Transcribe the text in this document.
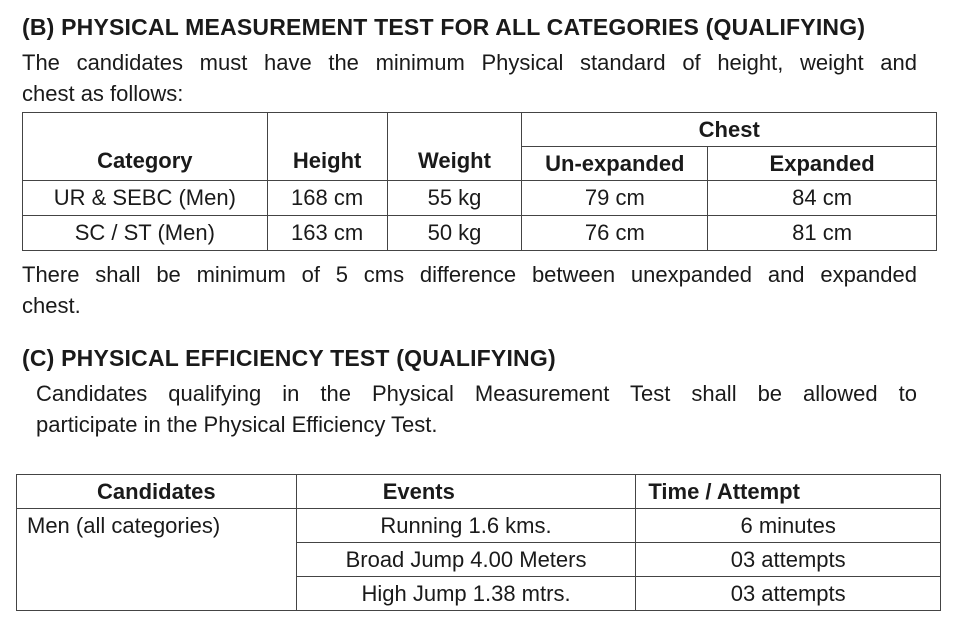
(B) PHYSICAL MEASUREMENT TEST FOR ALL CATEGORIES (QUALIFYING)
The candidates must have the minimum Physical standard of height, weight and
chest as follows:
Category	Height	Weight	Chest	
			Un-expanded	Expanded
UR & SEBC (Men)	168 cm	55 kg	79 cm	84 cm
SC / ST (Men)	163 cm	50 kg	76 cm	81 cm
There shall be minimum of 5 cms difference between unexpanded and expanded
chest.
(C) PHYSICAL EFFICIENCY TEST (QUALIFYING)
Candidates qualifying in the Physical Measurement Test shall be allowed to
participate in the Physical Efficiency Test.
Candidates	Events	Time / Attempt
Men (all categories)	Running 1.6 kms.	6 minutes
	Broad Jump 4.00 Meters	03 attempts
	High Jump 1.38 mtrs.	03 attempts
